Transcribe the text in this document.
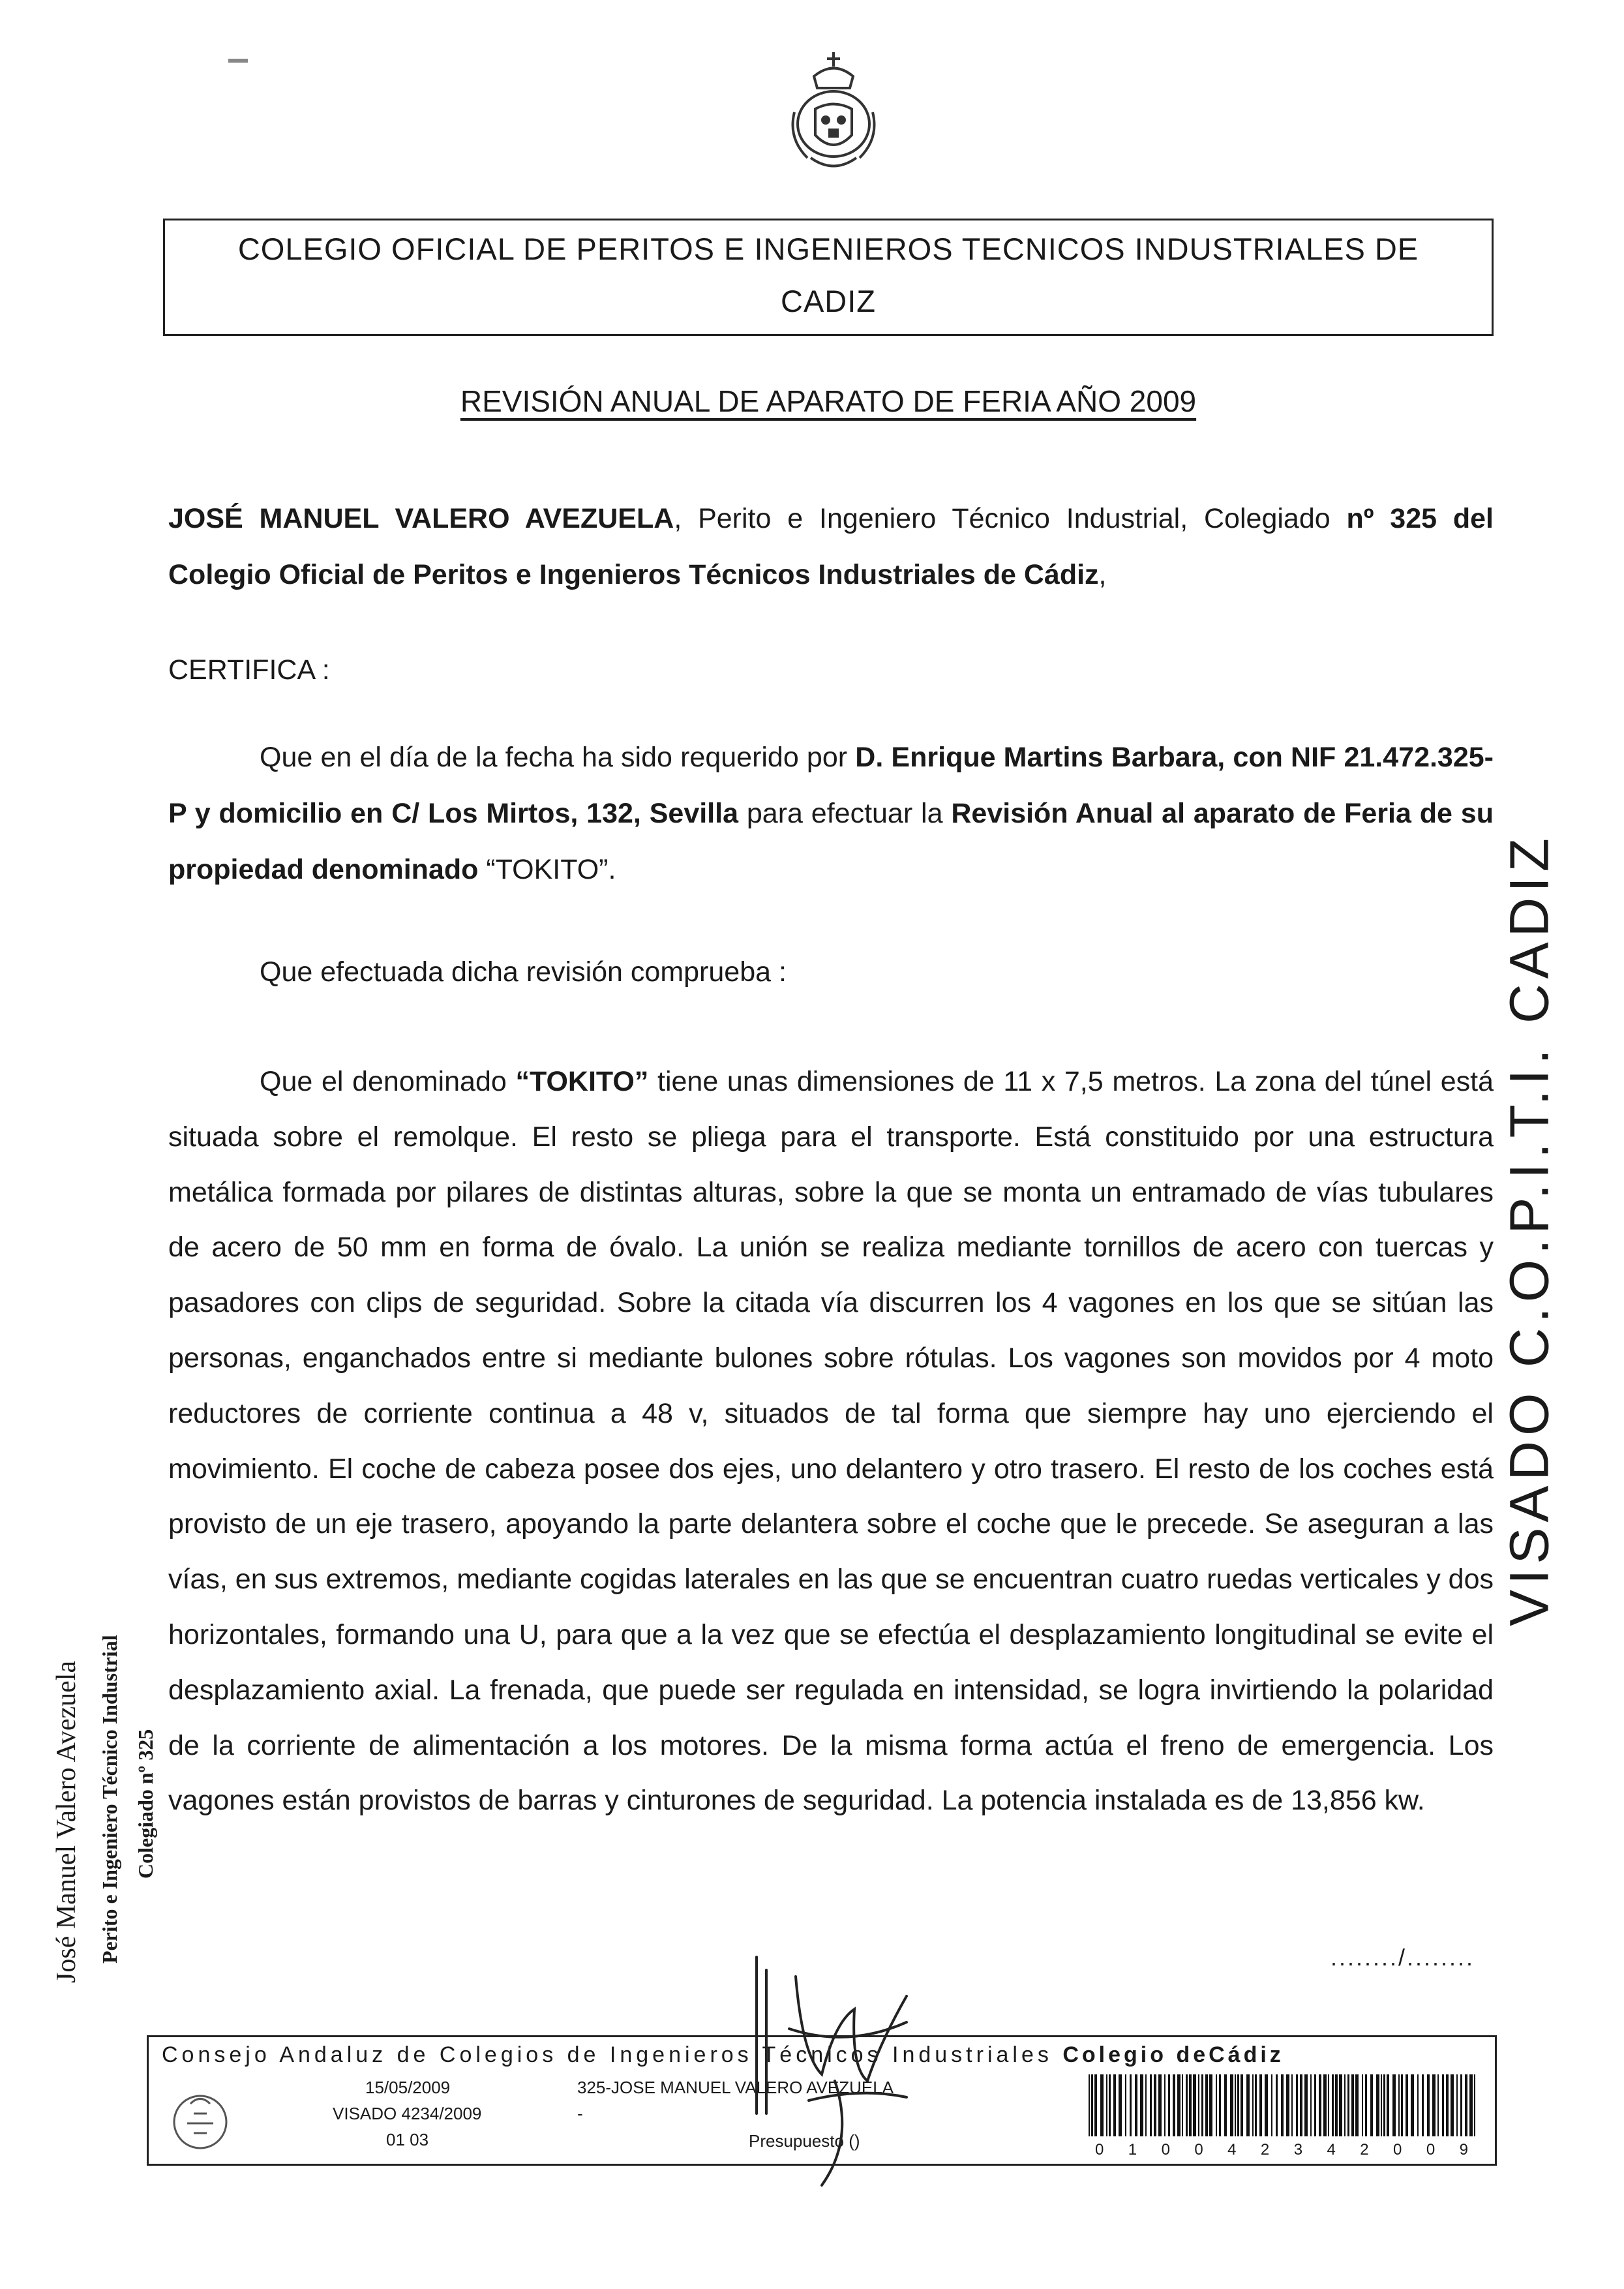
COLEGIO OFICIAL DE PERITOS E INGENIEROS TECNICOS INDUSTRIALES DE
CADIZ
REVISIÓN ANUAL DE APARATO DE FERIA AÑO 2009
JOSÉ MANUEL VALERO AVEZUELA, Perito e Ingeniero Técnico Industrial, Colegiado nº 325 del Colegio Oficial de Peritos e Ingenieros Técnicos Industriales de Cádiz,
CERTIFICA :
Que en el día de la fecha ha sido requerido por D. Enrique Martins Barbara, con NIF 21.472.325-P y domicilio en C/ Los Mirtos, 132, Sevilla para efectuar la Revisión Anual al aparato de Feria de su propiedad denominado “TOKITO”.
Que efectuada dicha revisión comprueba :
Que el denominado “TOKITO” tiene unas dimensiones de 11 x 7,5 metros. La zona del túnel está situada sobre el remolque. El resto se pliega para el transporte. Está constituido por una estructura metálica formada por pilares de distintas alturas, sobre la que se monta un entramado de vías tubulares de acero de 50 mm en forma de óvalo. La unión se realiza mediante tornillos de acero con tuercas y pasadores con clips de seguridad. Sobre la citada vía discurren los 4 vagones en los que se sitúan las personas, enganchados entre si mediante bulones sobre rótulas. Los vagones son movidos por 4 moto reductores de corriente continua a 48 v, situados de tal forma que siempre hay uno ejerciendo el movimiento. El coche de cabeza posee dos ejes, uno delantero y otro trasero. El resto de los coches está provisto de un eje trasero, apoyando la parte delantera sobre el coche que le precede. Se aseguran a las vías, en sus extremos, mediante cogidas laterales en las que se encuentran cuatro ruedas verticales y dos horizontales, formando una U, para que a la vez que se efectúa el desplazamiento longitudinal se evite el desplazamiento axial. La frenada, que puede ser regulada en intensidad, se logra invirtiendo la polaridad de la corriente de alimentación a los motores. De la misma forma actúa el freno de emergencia. Los vagones están provistos de barras y cinturones de seguridad. La potencia instalada es de 13,856 kw.
......../........
VISADO C.O.P.I.T.I. CADIZ
José Manuel Valero Avezuela Perito e Ingeniero Técnico Industrial Colegiado nº 325
Consejo Andaluz de Colegios de Ingenieros Técnicos Industriales Colegio deCádiz
15/05/2009
VISADO 4234/2009
01 03
325-JOSE MANUEL VALERO AVEZUELA
-
Presupuesto ()	0 1 0 0 4 2 3 4 2 0 0 9
